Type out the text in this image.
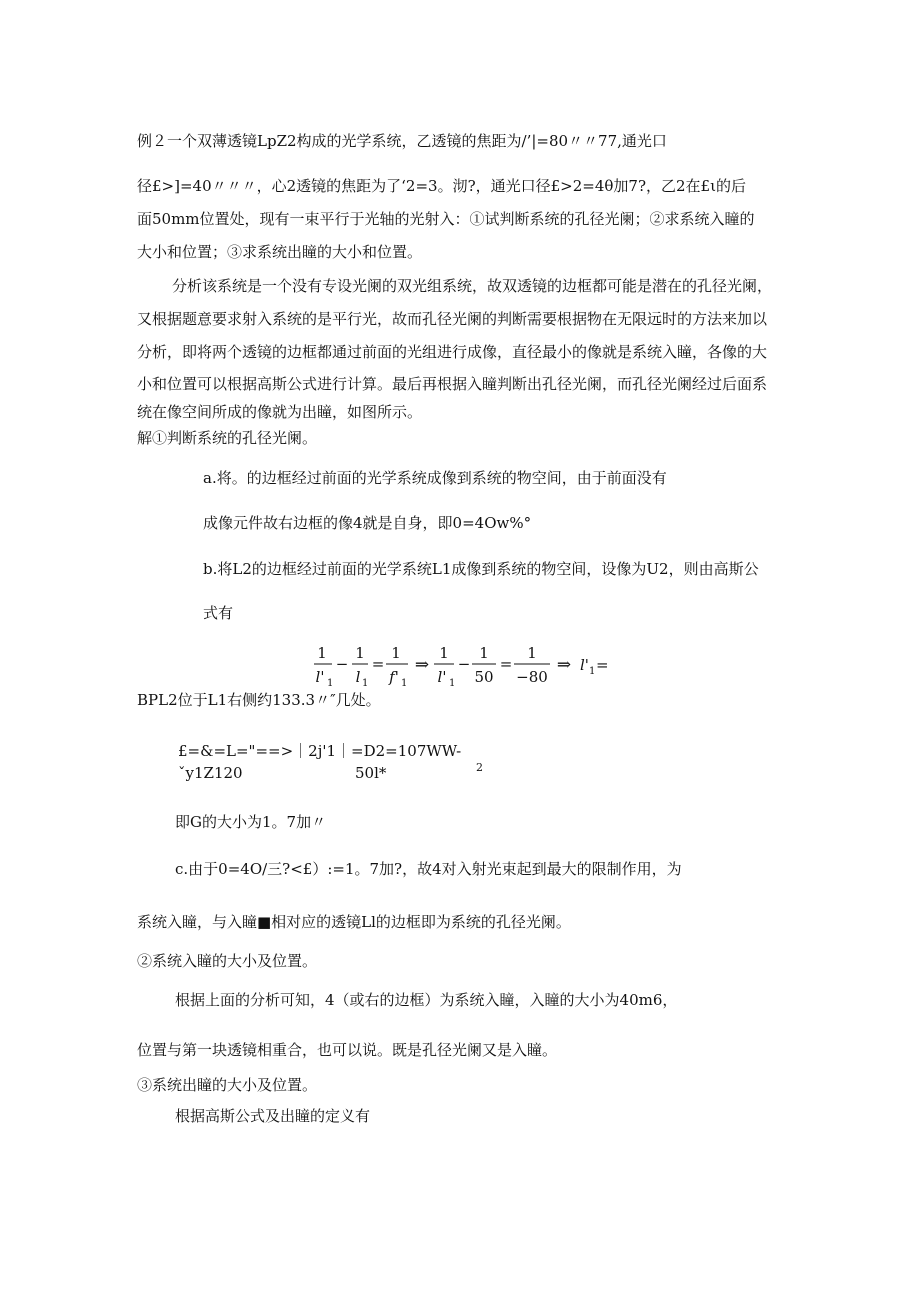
例２一个双薄透镜LpZ2构成的光学系统，乙透镜的焦距为/’|=80〃〃77,通光口
径£>]=40〃〃〃，心2透镜的焦距为了‘2=3。沏?，通光口径£>2=4θ加7?，乙2在£ι的后
面50mm位置处，现有一束平行于光轴的光射入：①试判断系统的孔径光阑；②求系统入瞳的
大小和位置；③求系统出瞳的大小和位置。
分析该系统是一个没有专设光阑的双光组系统，故双透镜的边框都可能是潜在的孔径光阑，
又根据题意要求射入系统的是平行光，故而孔径光阑的判断需要根据物在无限远时的方法来加以
分析，即将两个透镜的边框都通过前面的光组进行成像，直径最小的像就是系统入瞳，各像的大
小和位置可以根据高斯公式进行计算。最后再根据入瞳判断出孔径光阑，而孔径光阑经过后面系
统在像空间所成的像就为出瞳，如图所示。
解①判断系统的孔径光阑。
a.将。的边框经过前面的光学系统成像到系统的物空间，由于前面没有
成像元件故右边框的像4就是自身，即0=4Ow%°
b.将L2的边框经过前面的光学系统L1成像到系统的物空间，设像为U2，则由高斯公
式有
1
l' 1
−
1
l 1
=
1
f' 1
⇒
1
l' 1
−
1
50
=
1
−80
⇒ l' 1 =
BPL2位于L1右侧约133.3〃″几处。
£=&=L="==>｜2j'1｜=D2=107WW-
ˇy1Z120	50l*	2
即G的大小为1。7加〃
c.由于0=4O∕三?<£）:=1。7加?，故4对入射光束起到最大的限制作用，为
系统入瞳，与入瞳■相对应的透镜Ll的边框即为系统的孔径光阑。
②系统入瞳的大小及位置。
根据上面的分析可知，4（或右的边框）为系统入瞳，入瞳的大小为40m6，
位置与第一块透镜相重合，也可以说。既是孔径光阑又是入瞳。
③系统出瞳的大小及位置。
根据高斯公式及出瞳的定义有
